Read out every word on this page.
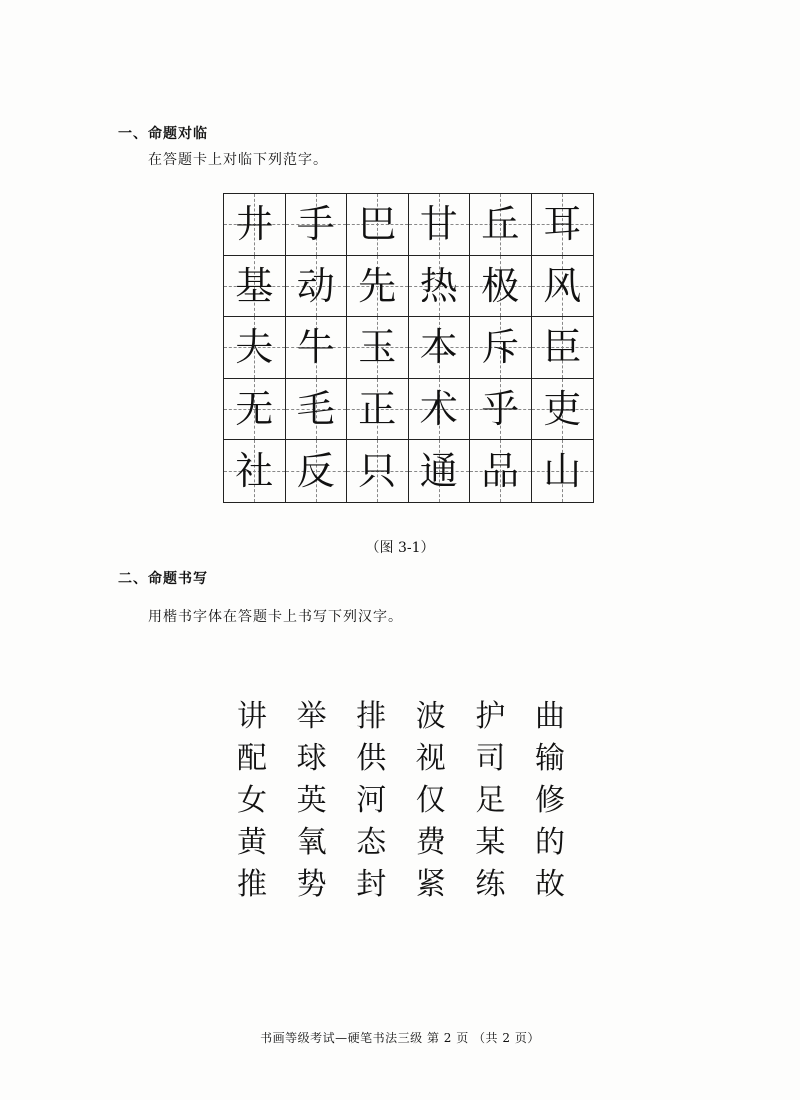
一、命题对临
在答题卡上对临下列范字。
井 手 巴 甘 丘 耳
基 动 先 热 极 风
夫 牛 玉 本 斥 臣
无 毛 正 术 乎 吏
社 反 只 通 品 山
（图 3-1）
二、命题书写
用楷书字体在答题卡上书写下列汉字。
讲 举 排 波 护 曲
配 球 供 视 司 输
女 英 河 仅 足 修
黄 氧 态 费 某 的
推 势 封 紧 练 故
书画等级考试—硬笔书法三级 第 2 页 （共 2 页）
